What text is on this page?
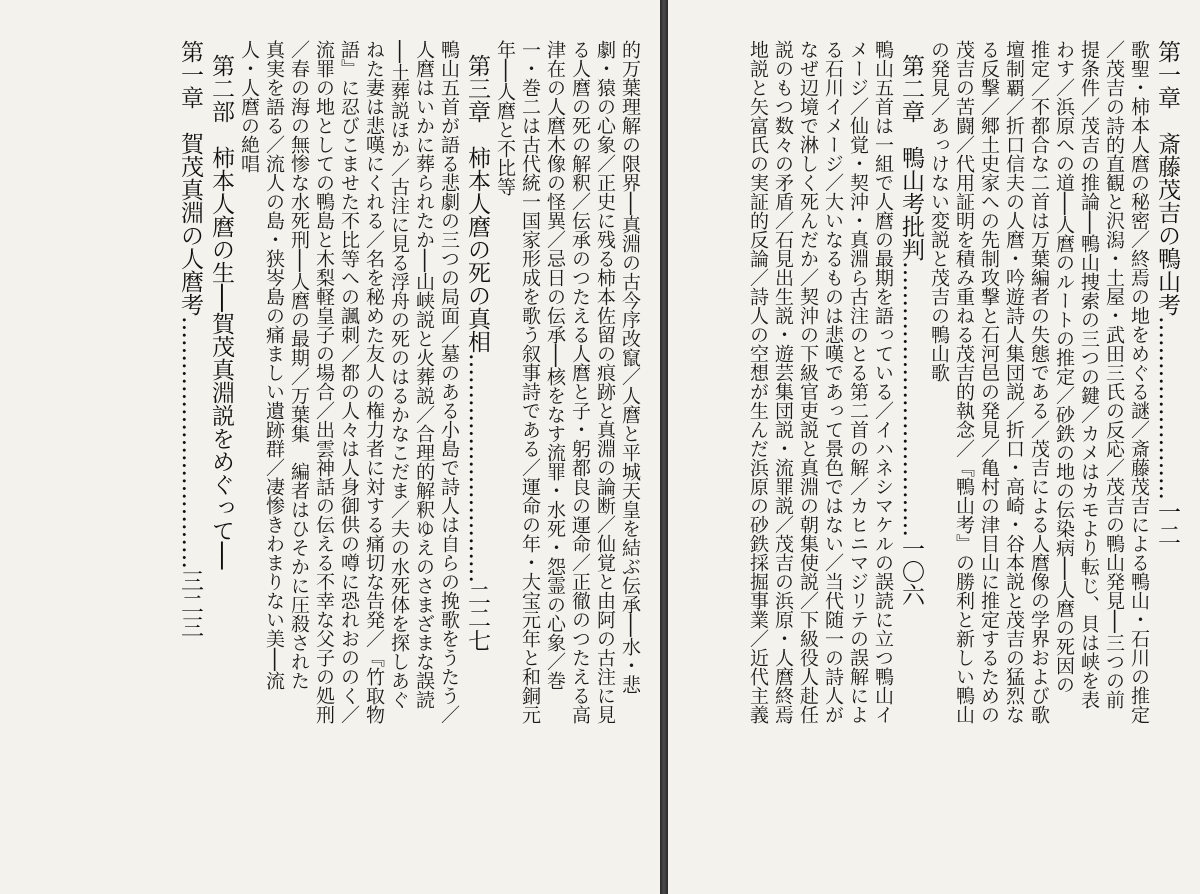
的万葉理解の限界──真淵の古今序改竄／人麿と平城天皇を結ぶ伝承──水・悲
劇・猿の心象／正史に残る柿本佐留の痕跡と真淵の論断／仙覚と由阿の古注に見
る人麿の死の解釈／伝承のつたえる人麿と子・躬都良の運命／正徹のつたえる高
津在の人麿木像の怪異／忌日の伝承──核をなす流罪・水死・怨霊の心象／巻
一・巻二は古代統一国家形成を歌う叙事詩である／運命の年・大宝元年と和銅元
年──人麿と不比等
第三章　柿本人麿の死の真相…………………………二二七
鴨山五首が語る悲劇の三つの局面／墓のある小島で詩人は自らの挽歌をうたう／
人麿はいかに葬られたか──山峡説と火葬説／合理的解釈ゆえのさまざまな誤読
──土葬説ほか／古注に見る浮舟の死のはるかなこだま／夫の水死体を探しあぐ
ねた妻は悲嘆にくれる／名を秘めた友人の権力者に対する痛切な告発／『竹取物
語』に忍びこませた不比等への諷刺／都の人々は人身御供の噂に恐れおののく／
流罪の地としての鴨島と木梨軽皇子の場合／出雲神話の伝える不幸な父子の処刑
／春の海の無惨な水死刑──人麿の最期／万葉集　編者はひそかに圧殺された
真実を語る／流人の島・狭岑島の痛ましい遺跡群／凄惨きわまりない美──流
人・人麿の絶唱
第二部　柿本人麿の生──賀茂真淵説をめぐって──
第一章　賀茂真淵の人麿考……………………………三二三	第一章　斎藤茂吉の鴨山考……………………一二
歌聖・柿本人麿の秘密／終焉の地をめぐる謎／斎藤茂吉による鴨山・石川の推定
／茂吉の詩的直観と沢潟・土屋・武田三氏の反応／茂吉の鴨山発見──三つの前
提条件／茂吉の推論──鴨山捜索の三つの鍵／カメはカモより転じ、貝は峡を表
わす／浜原への道──人麿のルートの推定／砂鉄の地の伝染病──人麿の死因の
推定／不都合な二首は万葉編者の失態である／茂吉による人麿像の学界および歌
壇制覇／折口信夫の人麿・吟遊詩人集団説／折口・高崎・谷本説と茂吉の猛烈な
る反撃／郷土史家への先制攻撃と石河邑の発見／亀村の津目山に推定するための
茂吉の苦闘／代用証明を積み重ねる茂吉的執念／『鴨山考』の勝利と新しい鴨山
の発見／あっけない変説と茂吉の鴨山歌
第二章　鴨山考批判………………………………一〇六
鴨山五首は一組で人麿の最期を語っている／イハネシマケルの誤読に立つ鴨山イ
メージ／仙覚・契沖・真淵ら古注のとる第二首の解／カヒニマジリテの誤解によ
る石川イメージ／大いなるものは悲嘆であって景色ではない／当代随一の詩人が
なぜ辺境で淋しく死んだか／契沖の下級官吏説と真淵の朝集使説／下級役人赴任
説のもつ数々の矛盾／石見出生説・遊芸集団説・流罪説／茂吉の浜原・人麿終焉
地説と矢富氏の実証的反論／詩人の空想が生んだ浜原の砂鉄採掘事業／近代主義
